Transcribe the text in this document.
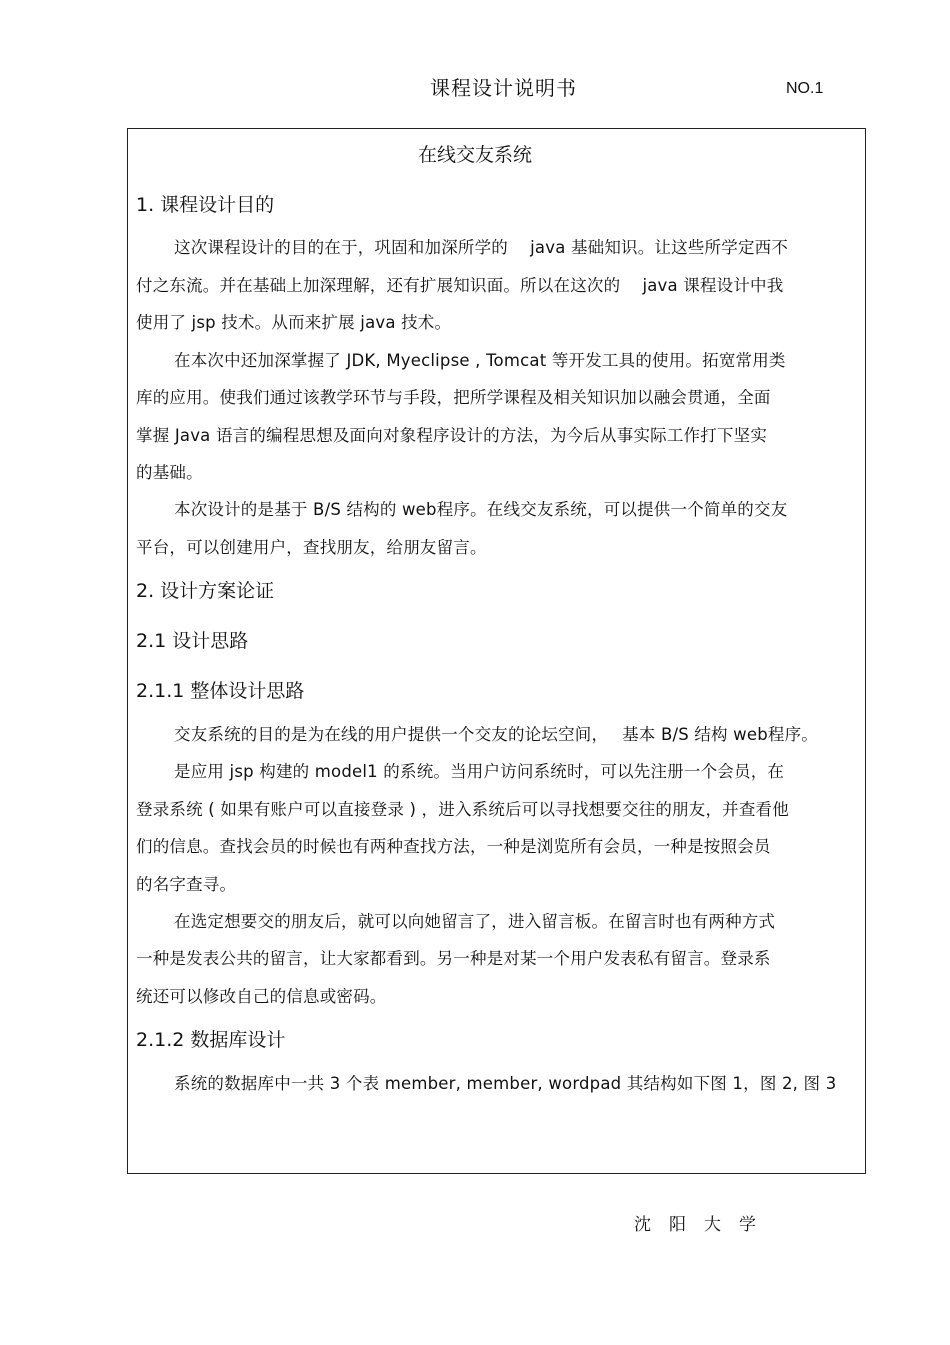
课程设计说明书	NO.1
在线交友系统
1. 课程设计目的
这次课程设计的目的在于，巩固和加深所学的　 java 基础知识。让这些所学定西不
付之东流。并在基础上加深理解，还有扩展知识面。所以在这次的　 java 课程设计中我
使用了 jsp 技术。从而来扩展 java 技术。
在本次中还加深掌握了 JDK, Myeclipse , Tomcat 等开发工具的使用。拓宽常用类
库的应用。使我们通过该教学环节与手段，把所学课程及相关知识加以融会贯通，全面
掌握 Java 语言的编程思想及面向对象程序设计的方法，为今后从事实际工作打下坚实
的基础。
本次设计的是基于 B/S 结构的 web程序。在线交友系统，可以提供一个简单的交友
平台，可以创建用户，查找朋友，给朋友留言。
2. 设计方案论证
2.1 设计思路
2.1.1 整体设计思路
交友系统的目的是为在线的用户提供一个交友的论坛空间，　 基本 B/S 结构 web程序。
是应用 jsp 构建的 model1 的系统。当用户访问系统时，可以先注册一个会员，在
登录系统 ( 如果有账户可以直接登录 ) ，进入系统后可以寻找想要交往的朋友，并查看他
们的信息。查找会员的时候也有两种查找方法，一种是浏览所有会员，一种是按照会员
的名字查寻。
在选定想要交的朋友后，就可以向她留言了，进入留言板。在留言时也有两种方式
一种是发表公共的留言，让大家都看到。另一种是对某一个用户发表私有留言。登录系
统还可以修改自己的信息或密码。
2.1.2 数据库设计
系统的数据库中一共 3 个表 member, member, wordpad 其结构如下图 1，图 2, 图 3
沈阳大学
